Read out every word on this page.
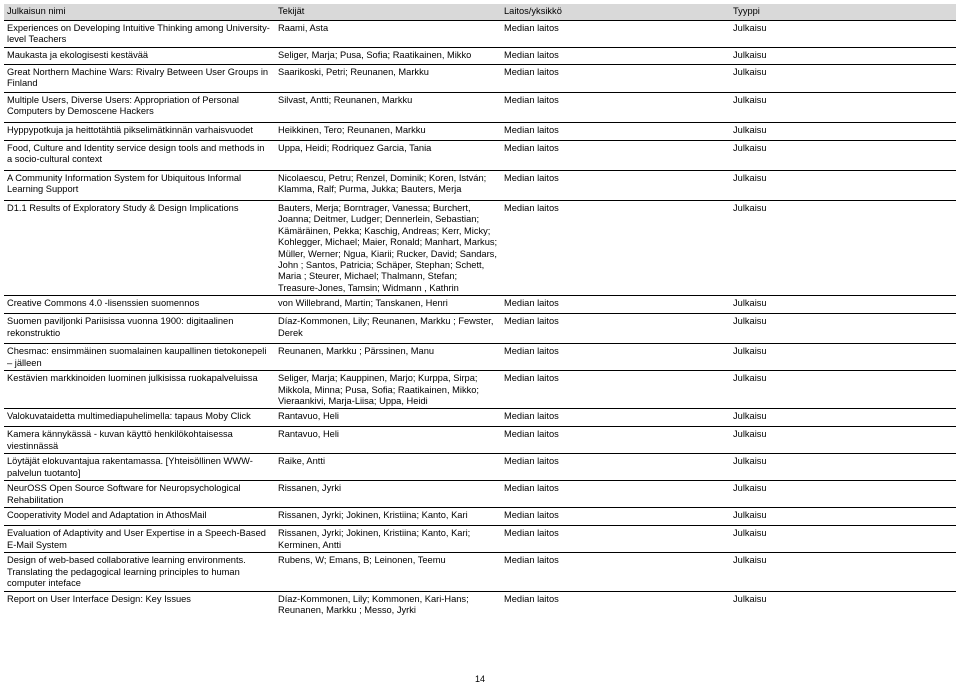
Julkaisun nimi	Tekijät	Laitos/yksikkö	Tyyppi
Experiences on Developing Intuitive Thinking among University-level Teachers	Raami, Asta	Median laitos	Julkaisu
Maukasta ja ekologisesti kestävää	Seliger, Marja; Pusa, Sofia; Raatikainen, Mikko	Median laitos	Julkaisu
Great Northern Machine Wars: Rivalry Between User Groups in Finland	Saarikoski, Petri; Reunanen, Markku	Median laitos	Julkaisu
Multiple Users, Diverse Users: Appropriation of Personal Computers by Demoscene Hackers	Silvast, Antti; Reunanen, Markku	Median laitos	Julkaisu
Hyppypotkuja ja heittotähtiä pikselimätkinnän varhaisvuodet	Heikkinen, Tero; Reunanen, Markku	Median laitos	Julkaisu
Food, Culture and Identity service design tools and methods in a socio-cultural context	Uppa, Heidi; Rodriquez Garcia, Tania	Median laitos	Julkaisu
A Community Information System for Ubiquitous Informal Learning Support	Nicolaescu, Petru; Renzel, Dominik; Koren, István; Klamma, Ralf; Purma, Jukka; Bauters, Merja	Median laitos	Julkaisu
D1.1 Results of Exploratory Study & Design Implications	Bauters, Merja; Borntrager, Vanessa; Burchert, Joanna; Deitmer, Ludger; Dennerlein, Sebastian; Kämäräinen, Pekka; Kaschig, Andreas; Kerr, Micky; Kohlegger, Michael; Maier, Ronald; Manhart, Markus; Müller, Werner; Ngua, Kiarii; Rucker, David; Sandars, John ; Santos, Patricia; Schäper, Stephan; Schett, Maria ; Steurer, Michael; Thalmann, Stefan; Treasure-Jones, Tamsin; Widmann , Kathrin	Median laitos	Julkaisu
Creative Commons 4.0 -lisenssien suomennos	von Willebrand, Martin; Tanskanen, Henri	Median laitos	Julkaisu
Suomen paviljonki Pariisissa vuonna 1900: digitaalinen rekonstruktio	Díaz-Kommonen, Lily; Reunanen, Markku ; Fewster, Derek	Median laitos	Julkaisu
Chesmac: ensimmäinen suomalainen kaupallinen tietokonepeli – jälleen	Reunanen, Markku ; Pärssinen, Manu	Median laitos	Julkaisu
Kestävien markkinoiden luominen julkisissa ruokapalveluissa	Seliger, Marja; Kauppinen, Marjo; Kurppa, Sirpa; Mikkola, Minna; Pusa, Sofia; Raatikainen, Mikko; Vieraankivi, Marja-Liisa; Uppa, Heidi	Median laitos	Julkaisu
Valokuvataidetta multimediapuhelimella: tapaus Moby Click	Rantavuo, Heli	Median laitos	Julkaisu
Kamera kännykässä - kuvan käyttö henkilökohtaisessa viestinnässä	Rantavuo, Heli	Median laitos	Julkaisu
Löytäjät elokuvantajua rakentamassa. [Yhteisöllinen WWW-palvelun tuotanto]	Raike, Antti	Median laitos	Julkaisu
NeurOSS Open Source Software for Neuropsychological Rehabilitation	Rissanen, Jyrki	Median laitos	Julkaisu
Cooperativity Model and Adaptation in AthosMail	Rissanen, Jyrki; Jokinen, Kristiina; Kanto, Kari	Median laitos	Julkaisu
Evaluation of Adaptivity and User Expertise in a Speech-Based E-Mail System	Rissanen, Jyrki; Jokinen, Kristiina; Kanto, Kari; Kerminen, Antti	Median laitos	Julkaisu
Design of web-based collaborative learning environments. Translating the pedagogical learning principles to human computer inteface	Rubens, W; Emans, B; Leinonen, Teemu	Median laitos	Julkaisu
Report on User Interface Design: Key Issues	Díaz-Kommonen, Lily; Kommonen, Kari-Hans; Reunanen, Markku ; Messo, Jyrki	Median laitos	Julkaisu
14
